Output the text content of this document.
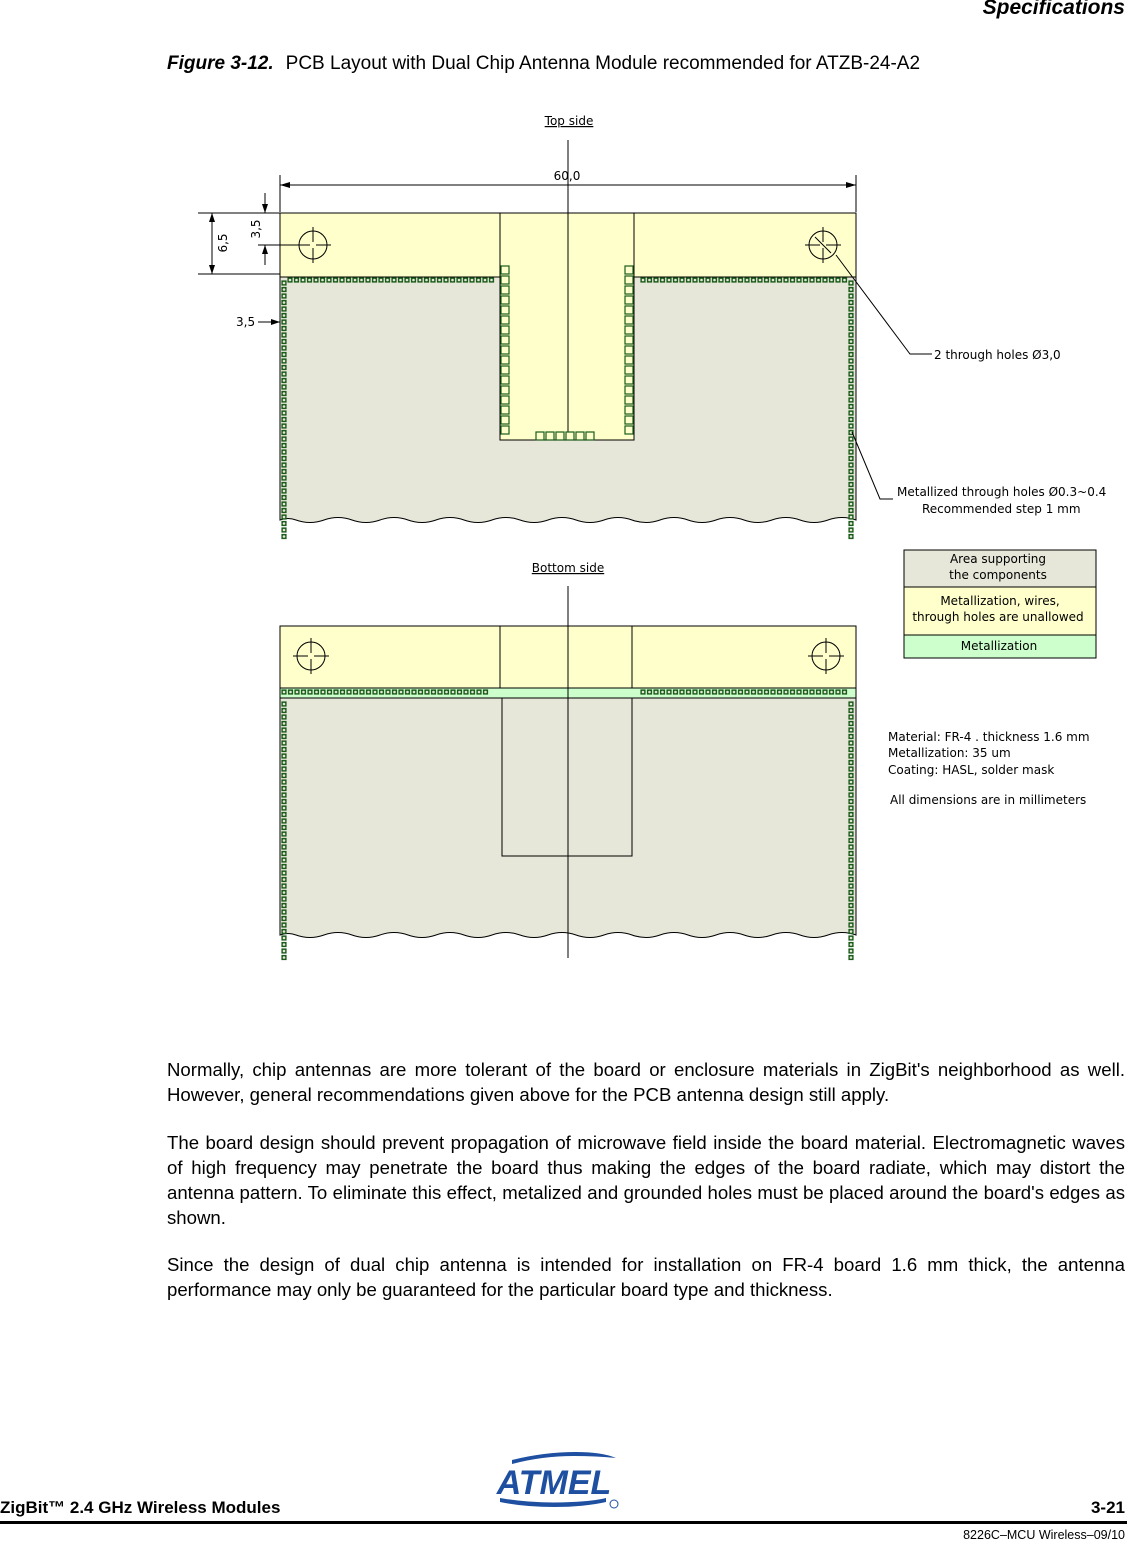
Specifications
Figure 3-12. PCB Layout with Dual Chip Antenna Module recommended for ATZB-24-A2
Top side
60,0
6,5
3,5
3,5
2 through holes Ø3,0
Metallized through holes Ø0.3~0.4
Recommended step 1 mm
Area supporting
the components
Metallization, wires,
through holes are unallowed
Metallization
Bottom side
Material: FR-4 . thickness 1.6 mm
Metallization: 35 um
Coating: HASL, solder mask
All dimensions are in millimeters

Normally, chip antennas are more tolerant of the board or enclosure materials in ZigBit's neighborhood as well. However, general recommendations given above for the PCB antenna design still apply.

The board design should prevent propagation of microwave field inside the board material. Electromagnetic waves of high frequency may penetrate the board thus making the edges of the board radiate, which may distort the antenna pattern. To eliminate this effect, metalized and grounded holes must be placed around the board's edges as shown.

Since the design of dual chip antenna is intended for installation on FR-4 board 1.6 mm thick, the antenna performance may only be guaranteed for the particular board type and thickness.

ZigBit™ 2.4 GHz Wireless Modules
ATMEL
3-21
8226C–MCU Wireless–09/10
